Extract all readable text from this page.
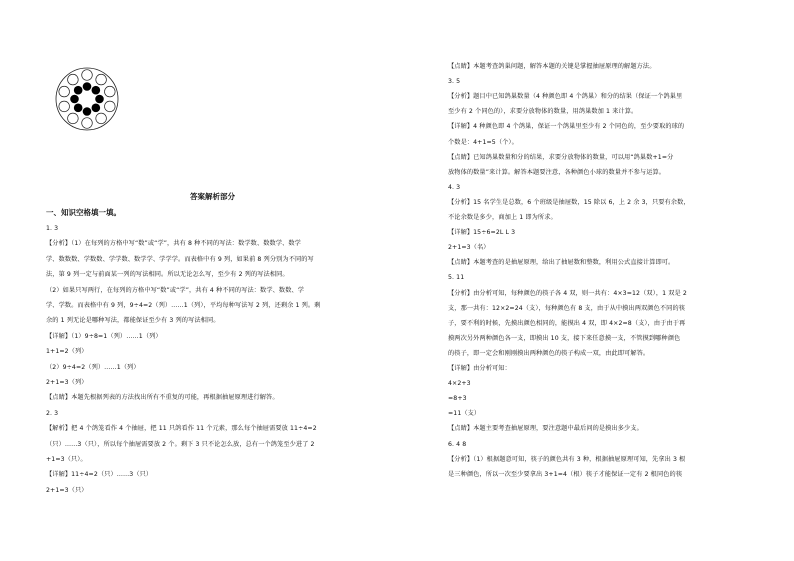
答案解析部分
一、知识空格填一填。
1. 3
【分析】（1）在每列的方格中写“数”或“学”，共有 8 种不同的写法：数学数、数数学、数学
学、数数数、学数数、学学数、数学学、学学学。而表格中有 9 列，如果前 8 列分别为不同的写
法，第 9 列一定与前面某一列的写法相同。所以无论怎么写，至少有 2 列的写法相同。
（2）如果只写两行，在每列的方格中写“数”或“学”，共有 4 种不同的写法：数学、数数、学
学、学数。而表格中有 9 列，9÷4=2（列）……1（列），平均每种写法写 2 列，还剩余 1 列。剩
余的 1 列无论是哪种写法，都能保证至少有 3 列的写法相同。
【详解】（1）9÷8=1（列）……1（列）
1+1=2（列）
（2）9÷4=2（列）……1（列）
2+1=3（列）
【点睛】本题先根据列表的方法找出所有不重复的可能，再根据抽屉原理进行解答。
2. 3
【解析】把 4 个鸽笼看作 4 个抽屉，把 11 只鸽看作 11 个元素，那么每个抽屉需要放 11÷4=2
（只）……3（只），所以每个抽屉需要放 2 个。剩下 3 只不论怎么放，总有一个鸽笼至少进了 2
+1=3（只）。
【详解】11÷4=2（只）……3（只）
2+1=3（只）
【点睛】本题考查鸽巢问题，解答本题的关键是掌握抽屉原理的解题方法。
3. 5
【分析】题目中已知鸽巢数量（4 种颜色即 4 个鸽巢）和分的结果（保证一个鸽巢里
至少有 2 个同色的），求要分放物体的数量，用鸽巢数加 1 来计算。
【详解】4 种颜色即 4 个鸽巢，保证一个鸽巢里至少有 2 个同色的，至少要取的球的
个数是：4+1=5（个）。
【点睛】已知鸽巢数量和分的结果，求要分放物体的数量，可以用“鸽巢数+1=分
放物体的数量”来计算。解答本题要注意，各种颜色小球的数量并不参与运算。
4. 3
【分析】15 名学生是总数，6 个班级是抽屉数，15 除以 6，上 2 余 3，只要有余数，
不论余数是多少，商加上 1 即为所求。
【详解】15÷6=2L L 3
2+1=3（名）
【点睛】本题考查的是抽屉原理，给出了抽屉数和整数，利用公式直接计算即可。
5. 11
【分析】由分析可知，每种颜色的筷子各 4 双，则一共有：4×3=12（双），1 双是 2
支，那一共有：12×2=24（支），每种颜色有 8 支，由于从中摸出两双颜色不同的筷
子，要不利的时候，先摸出颜色相同的，能摸出 4 双，即 4×2=8（支），由于由于再
摸两次另外两种颜色各一支，即摸出 10 支，接下来任意摸一支，不管摸到哪种颜色
的筷子，即一定会和刚刚摸出两种颜色的筷子构成一双，由此即可解答。
【详解】由分析可知：
4×2+3
=8+3
=11（支）
【点睛】本题主要考查抽屉原理，要注意题中最后问的是摸出多少支。
6. 4 8
【分析】（1）根据题意可知，筷子的颜色共有 3 种，根据抽屉原理可知，先拿出 3 根
是三种颜色，所以一次至少要拿出 3+1=4（根）筷子才能保证一定有 2 根同色的筷
